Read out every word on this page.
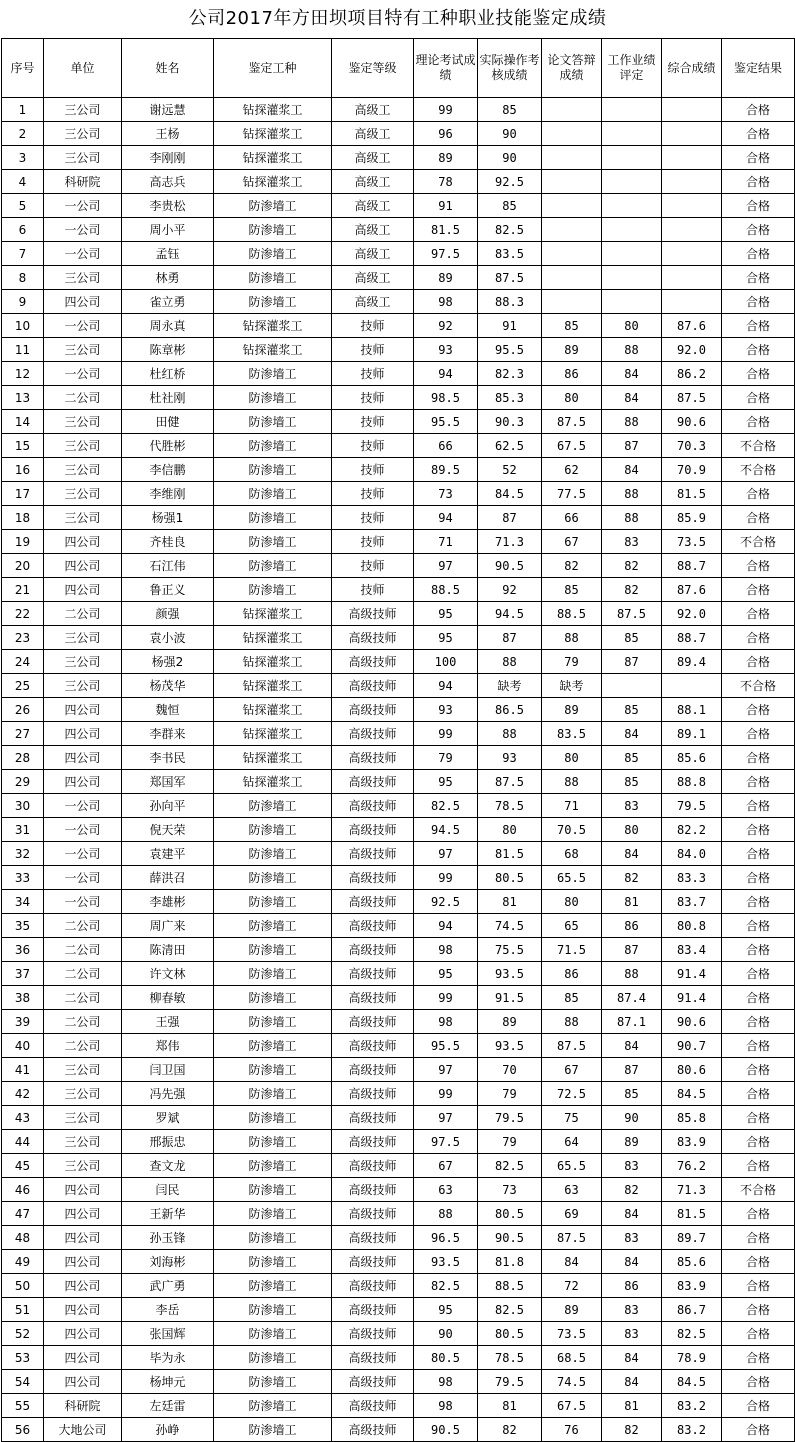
公司2017年方田坝项目特有工种职业技能鉴定成绩
序号	单位	姓名	鉴定工种	鉴定等级	理论考试成绩	实际操作考核成绩	论文答辩成绩	工作业绩评定	综合成绩	鉴定结果
1	三公司	谢远慧	钻探灌浆工	高级工	99	85				合格
2	三公司	王杨	钻探灌浆工	高级工	96	90				合格
3	三公司	李刚刚	钻探灌浆工	高级工	89	90				合格
4	科研院	高志兵	钻探灌浆工	高级工	78	92.5				合格
5	一公司	李贵松	防渗墙工	高级工	91	85				合格
6	一公司	周小平	防渗墙工	高级工	81.5	82.5				合格
7	一公司	孟钰	防渗墙工	高级工	97.5	83.5				合格
8	三公司	林勇	防渗墙工	高级工	89	87.5				合格
9	四公司	雀立勇	防渗墙工	高级工	98	88.3				合格
10	一公司	周永真	钻探灌浆工	技师	92	91	85	80	87.6	合格
11	三公司	陈章彬	钻探灌浆工	技师	93	95.5	89	88	92.0	合格
12	一公司	杜红桥	防渗墙工	技师	94	82.3	86	84	86.2	合格
13	二公司	杜社刚	防渗墙工	技师	98.5	85.3	80	84	87.5	合格
14	三公司	田健	防渗墙工	技师	95.5	90.3	87.5	88	90.6	合格
15	三公司	代胜彬	防渗墙工	技师	66	62.5	67.5	87	70.3	不合格
16	三公司	李信鹏	防渗墙工	技师	89.5	52	62	84	70.9	不合格
17	三公司	李维刚	防渗墙工	技师	73	84.5	77.5	88	81.5	合格
18	三公司	杨强1	防渗墙工	技师	94	87	66	88	85.9	合格
19	四公司	齐桂良	防渗墙工	技师	71	71.3	67	83	73.5	不合格
20	四公司	石江伟	防渗墙工	技师	97	90.5	82	82	88.7	合格
21	四公司	鲁正义	防渗墙工	技师	88.5	92	85	82	87.6	合格
22	二公司	颜强	钻探灌浆工	高级技师	95	94.5	88.5	87.5	92.0	合格
23	三公司	袁小波	钻探灌浆工	高级技师	95	87	88	85	88.7	合格
24	三公司	杨强2	钻探灌浆工	高级技师	100	88	79	87	89.4	合格
25	三公司	杨茂华	钻探灌浆工	高级技师	94	缺考	缺考			不合格
26	四公司	魏恒	钻探灌浆工	高级技师	93	86.5	89	85	88.1	合格
27	四公司	李群来	钻探灌浆工	高级技师	99	88	83.5	84	89.1	合格
28	四公司	李书民	钻探灌浆工	高级技师	79	93	80	85	85.6	合格
29	四公司	郑国军	钻探灌浆工	高级技师	95	87.5	88	85	88.8	合格
30	一公司	孙向平	防渗墙工	高级技师	82.5	78.5	71	83	79.5	合格
31	一公司	倪天荣	防渗墙工	高级技师	94.5	80	70.5	80	82.2	合格
32	一公司	袁建平	防渗墙工	高级技师	97	81.5	68	84	84.0	合格
33	一公司	薛洪召	防渗墙工	高级技师	99	80.5	65.5	82	83.3	合格
34	一公司	李雄彬	防渗墙工	高级技师	92.5	81	80	81	83.7	合格
35	二公司	周广来	防渗墙工	高级技师	94	74.5	65	86	80.8	合格
36	二公司	陈清田	防渗墙工	高级技师	98	75.5	71.5	87	83.4	合格
37	二公司	许文林	防渗墙工	高级技师	95	93.5	86	88	91.4	合格
38	二公司	柳春敏	防渗墙工	高级技师	99	91.5	85	87.4	91.4	合格
39	二公司	王强	防渗墙工	高级技师	98	89	88	87.1	90.6	合格
40	二公司	郑伟	防渗墙工	高级技师	95.5	93.5	87.5	84	90.7	合格
41	三公司	闫卫国	防渗墙工	高级技师	97	70	67	87	80.6	合格
42	三公司	冯先强	防渗墙工	高级技师	99	79	72.5	85	84.5	合格
43	三公司	罗斌	防渗墙工	高级技师	97	79.5	75	90	85.8	合格
44	三公司	邢振忠	防渗墙工	高级技师	97.5	79	64	89	83.9	合格
45	三公司	查文龙	防渗墙工	高级技师	67	82.5	65.5	83	76.2	合格
46	四公司	闫民	防渗墙工	高级技师	63	73	63	82	71.3	不合格
47	四公司	王新华	防渗墙工	高级技师	88	80.5	69	84	81.5	合格
48	四公司	孙玉锋	防渗墙工	高级技师	96.5	90.5	87.5	83	89.7	合格
49	四公司	刘海彬	防渗墙工	高级技师	93.5	81.8	84	84	85.6	合格
50	四公司	武广勇	防渗墙工	高级技师	82.5	88.5	72	86	83.9	合格
51	四公司	李岳	防渗墙工	高级技师	95	82.5	89	83	86.7	合格
52	四公司	张国辉	防渗墙工	高级技师	90	80.5	73.5	83	82.5	合格
53	四公司	毕为永	防渗墙工	高级技师	80.5	78.5	68.5	84	78.9	合格
54	四公司	杨坤元	防渗墙工	高级技师	98	79.5	74.5	84	84.5	合格
55	科研院	左廷雷	防渗墙工	高级技师	98	81	67.5	81	83.2	合格
56	大地公司	孙峥	防渗墙工	高级技师	90.5	82	76	82	83.2	合格
